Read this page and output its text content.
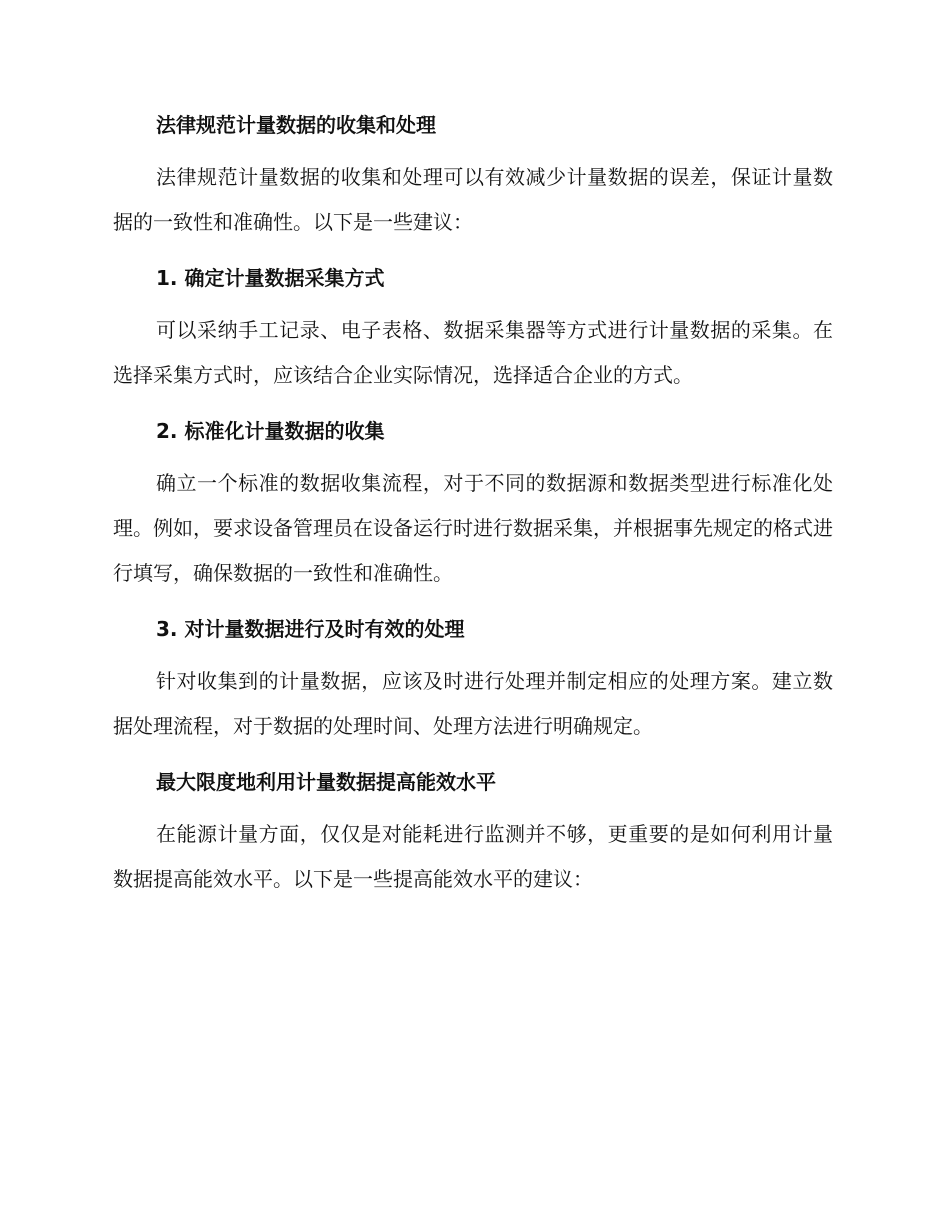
法律规范计量数据的收集和处理

法律规范计量数据的收集和处理可以有效减少计量数据的误差，保证计量数据的一致性和准确性。以下是一些建议：

1. 确定计量数据采集方式

可以采纳手工记录、电子表格、数据采集器等方式进行计量数据的采集。在选择采集方式时，应该结合企业实际情况，选择适合企业的方式。

2. 标准化计量数据的收集

确立一个标准的数据收集流程，对于不同的数据源和数据类型进行标准化处理。例如，要求设备管理员在设备运行时进行数据采集，并根据事先规定的格式进行填写，确保数据的一致性和准确性。

3. 对计量数据进行及时有效的处理

针对收集到的计量数据，应该及时进行处理并制定相应的处理方案。建立数据处理流程，对于数据的处理时间、处理方法进行明确规定。

最大限度地利用计量数据提高能效水平

在能源计量方面，仅仅是对能耗进行监测并不够，更重要的是如何利用计量数据提高能效水平。以下是一些提高能效水平的建议：
